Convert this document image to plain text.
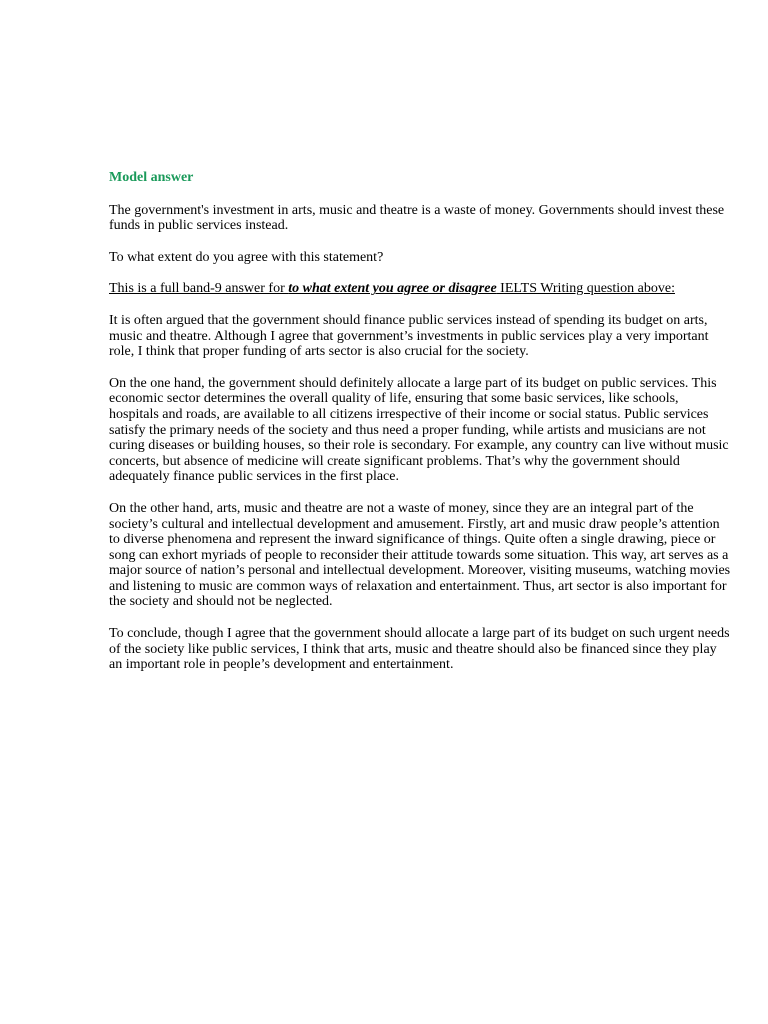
Model answer

The government's investment in arts, music and theatre is a waste of money. Governments should invest these funds in public services instead.

To what extent do you agree with this statement?

This is a full band-9 answer for to what extent you agree or disagree IELTS Writing question above:

It is often argued that the government should finance public services instead of spending its budget on arts, music and theatre. Although I agree that government’s investments in public services play a very important role, I think that proper funding of arts sector is also crucial for the society.

On the one hand, the government should definitely allocate a large part of its budget on public services. This economic sector determines the overall quality of life, ensuring that some basic services, like schools, hospitals and roads, are available to all citizens irrespective of their income or social status. Public services satisfy the primary needs of the society and thus need a proper funding, while artists and musicians are not curing diseases or building houses, so their role is secondary. For example, any country can live without music concerts, but absence of medicine will create significant problems. That’s why the government should adequately finance public services in the first place.

On the other hand, arts, music and theatre are not a waste of money, since they are an integral part of the society’s cultural and intellectual development and amusement. Firstly, art and music draw people’s attention to diverse phenomena and represent the inward significance of things. Quite often a single drawing, piece or song can exhort myriads of people to reconsider their attitude towards some situation. This way, art serves as a major source of nation’s personal and intellectual development. Moreover, visiting museums, watching movies and listening to music are common ways of relaxation and entertainment. Thus, art sector is also important for the society and should not be neglected.

To conclude, though I agree that the government should allocate a large part of its budget on such urgent needs of the society like public services, I think that arts, music and theatre should also be financed since they play an important role in people’s development and entertainment.
